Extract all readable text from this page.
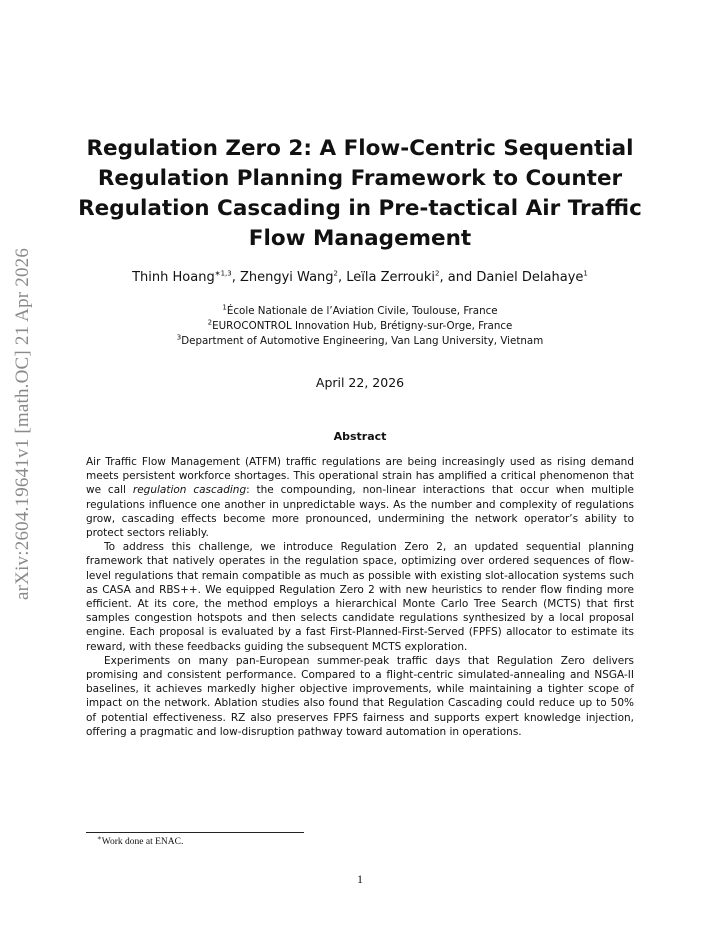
arXiv:2604.19641v1 [math.OC] 21 Apr 2026
Regulation Zero 2: A Flow-Centric Sequential
Regulation Planning Framework to Counter
Regulation Cascading in Pre-tactical Air Traffic
Flow Management
Thinh Hoang$^{∗1,3}$, Zhengyi Wang$^2$, Leïla Zerrouki$^2$, and Daniel Delahaye$^1$
$^1$École Nationale de l’Aviation Civile, Toulouse, France
$^2$EUROCONTROL Innovation Hub, Brétigny-sur-Orge, France
$^3$Department of Automotive Engineering, Van Lang University, Vietnam
April 22, 2026
Abstract

Air Traffic Flow Management (ATFM) traffic regulations are being increasingly used as rising demand meets persistent workforce shortages. This operational strain has amplified a critical phenomenon that we call regulation cascading: the compounding, non-linear interactions that occur when multiple regulations influence one another in unpredictable ways. As the number and complexity of regulations grow, cascading effects become more pronounced, undermining the network operator’s ability to protect sectors reliably.

To address this challenge, we introduce Regulation Zero 2, an updated sequential planning framework that natively operates in the regulation space, optimizing over ordered sequences of flow-level regulations that remain compatible as much as possible with existing slot-allocation systems such as CASA and RBS++. We equipped Regulation Zero 2 with new heuristics to render flow finding more efficient. At its core, the method employs a hierarchical Monte Carlo Tree Search (MCTS) that first samples congestion hotspots and then selects candidate regulations synthesized by a local proposal engine. Each proposal is evaluated by a fast First-Planned-First-Served (FPFS) allocator to estimate its reward, with these feedbacks guiding the subsequent MCTS exploration.

Experiments on many pan-European summer-peak traffic days that Regulation Zero delivers promising and consistent performance. Compared to a flight-centric simulated-annealing and NSGA-II baselines, it achieves markedly higher objective improvements, while maintaining a tighter scope of impact on the network. Ablation studies also found that Regulation Cascading could reduce up to 50% of potential effectiveness. RZ also preserves FPFS fairness and supports expert knowledge injection, offering a pragmatic and low-disruption pathway toward automation in operations.

∗Work done at ENAC.
1
